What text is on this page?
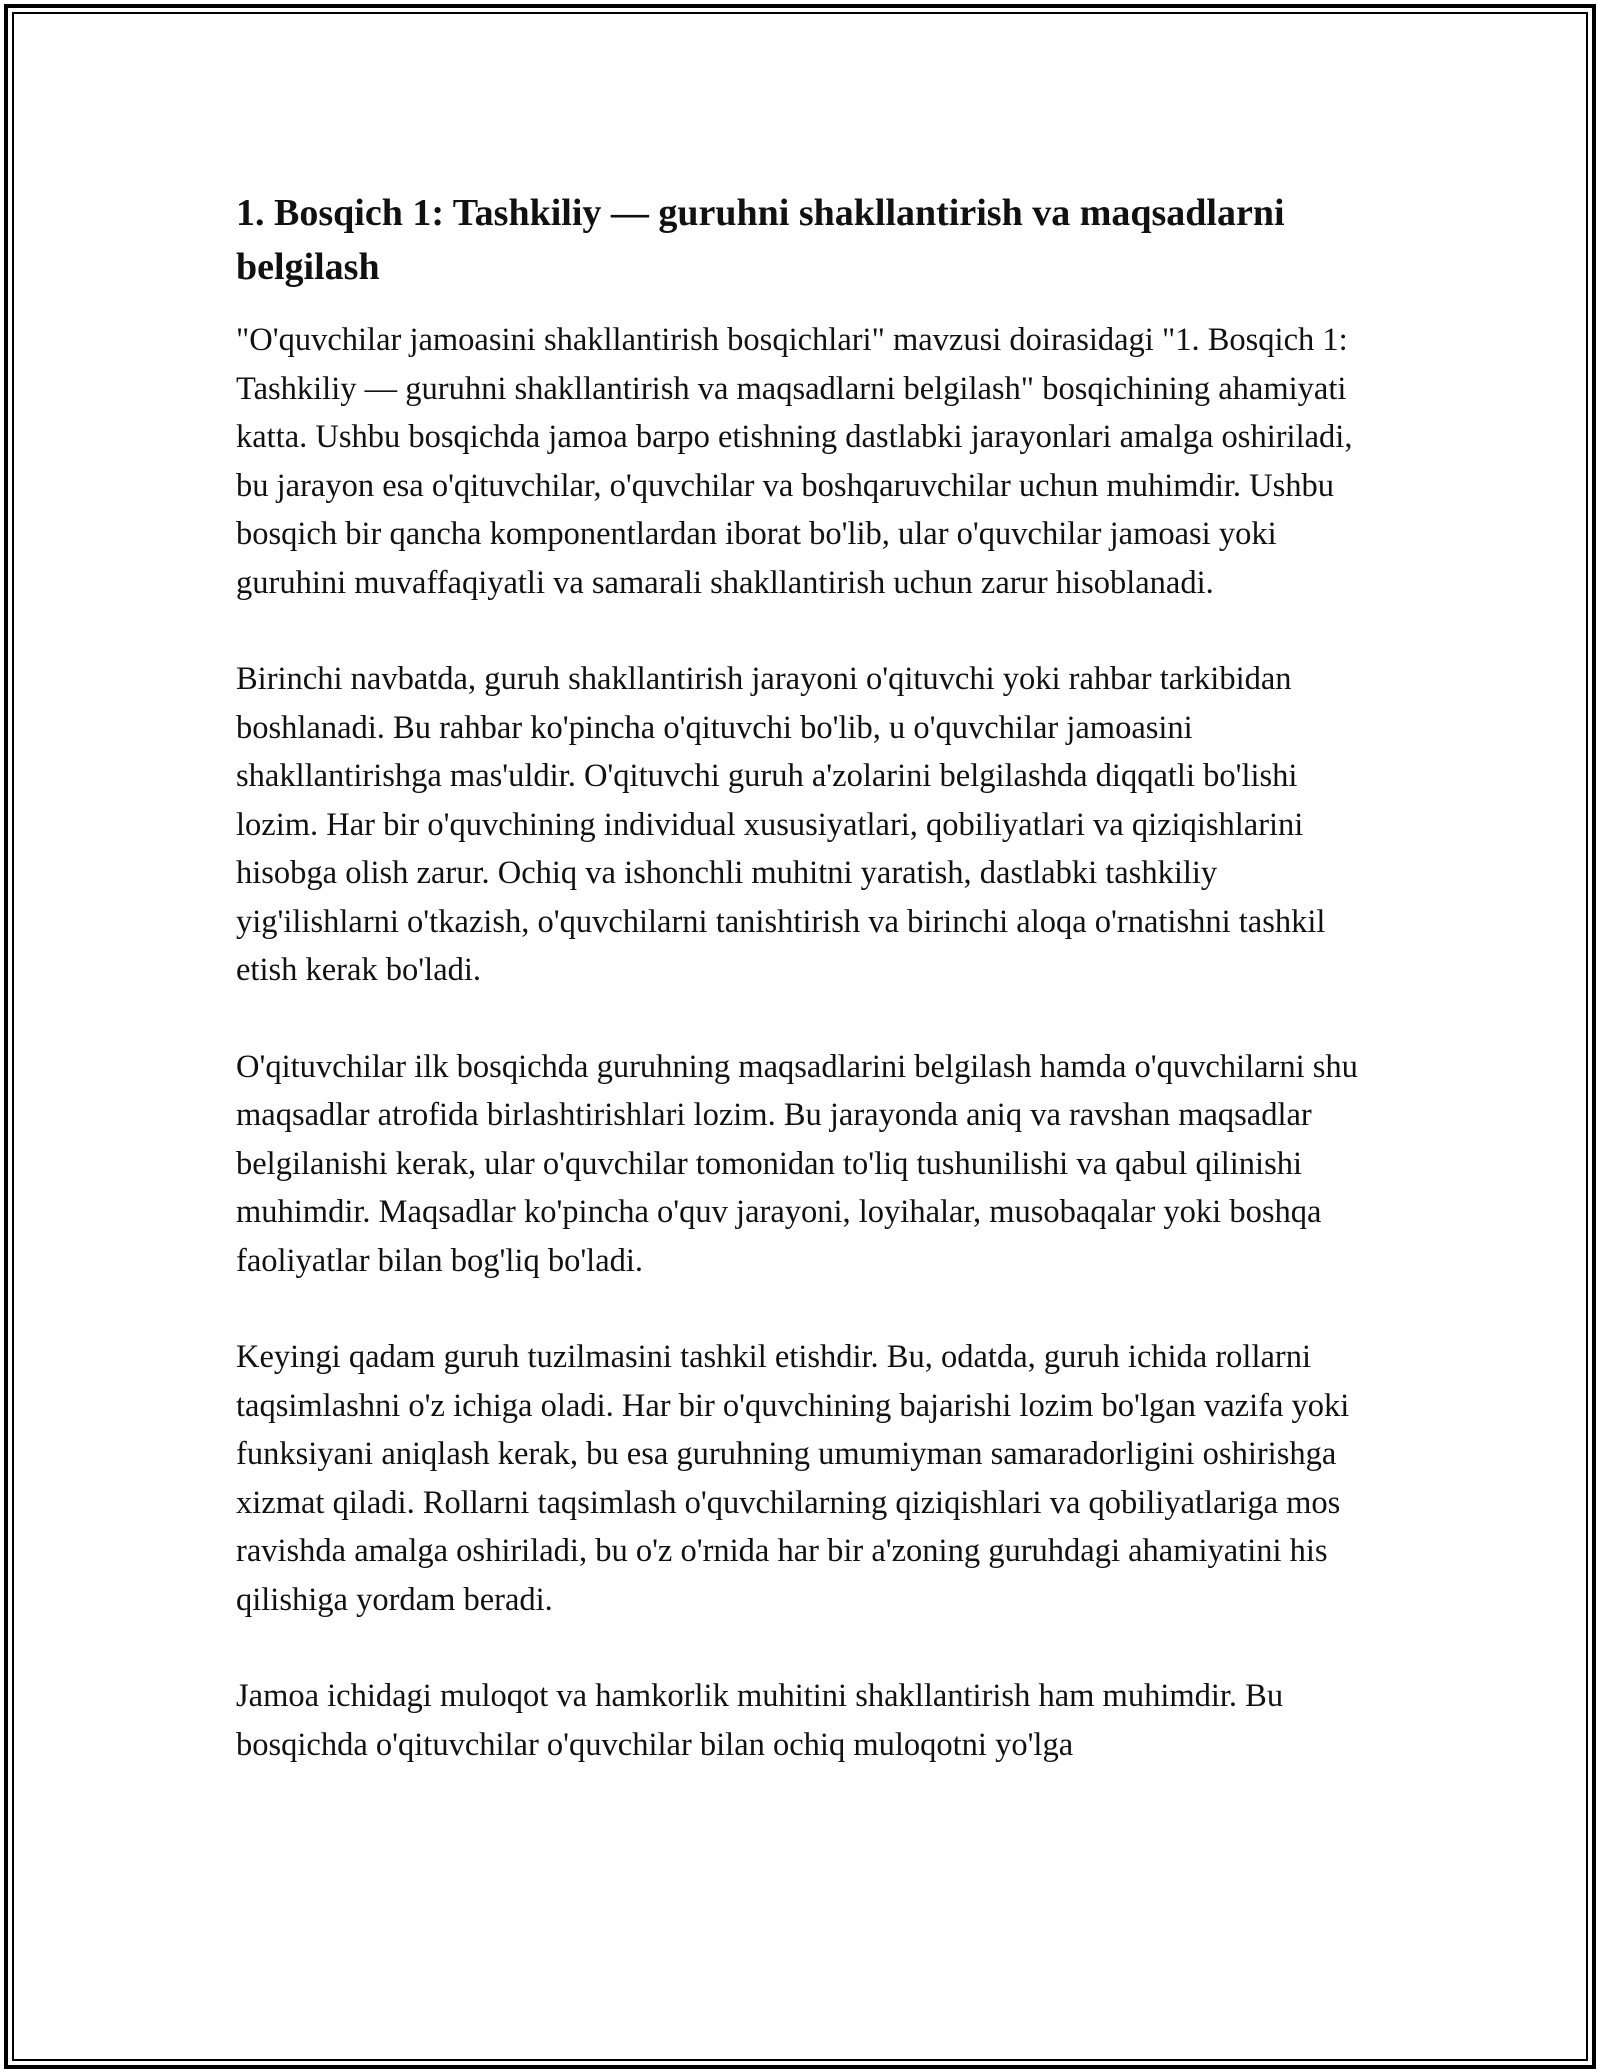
1. Bosqich 1: Tashkiliy — guruhni shakllantirish va maqsadlarni belgilash

"O'quvchilar jamoasini shakllantirish bosqichlari" mavzusi doirasidagi "1. Bosqich 1: Tashkiliy — guruhni shakllantirish va maqsadlarni belgilash" bosqichining ahamiyati katta. Ushbu bosqichda jamoa barpo etishning dastlabki jarayonlari amalga oshiriladi, bu jarayon esa o'qituvchilar, o'quvchilar va boshqaruvchilar uchun muhimdir. Ushbu bosqich bir qancha komponentlardan iborat bo'lib, ular o'quvchilar jamoasi yoki guruhini muvaffaqiyatli va samarali shakllantirish uchun zarur hisoblanadi.

Birinchi navbatda, guruh shakllantirish jarayoni o'qituvchi yoki rahbar tarkibidan boshlanadi. Bu rahbar ko'pincha o'qituvchi bo'lib, u o'quvchilar jamoasini shakllantirishga mas'uldir. O'qituvchi guruh a'zolarini belgilashda diqqatli bo'lishi lozim. Har bir o'quvchining individual xususiyatlari, qobiliyatlari va qiziqishlarini hisobga olish zarur. Ochiq va ishonchli muhitni yaratish, dastlabki tashkiliy yig'ilishlarni o'tkazish, o'quvchilarni tanishtirish va birinchi aloqa o'rnatishni tashkil etish kerak bo'ladi.

O'qituvchilar ilk bosqichda guruhning maqsadlarini belgilash hamda o'quvchilarni shu maqsadlar atrofida birlashtirishlari lozim. Bu jarayonda aniq va ravshan maqsadlar belgilanishi kerak, ular o'quvchilar tomonidan to'liq tushunilishi va qabul qilinishi muhimdir. Maqsadlar ko'pincha o'quv jarayoni, loyihalar, musobaqalar yoki boshqa faoliyatlar bilan bog'liq bo'ladi.

Keyingi qadam guruh tuzilmasini tashkil etishdir. Bu, odatda, guruh ichida rollarni taqsimlashni o'z ichiga oladi. Har bir o'quvchining bajarishi lozim bo'lgan vazifa yoki funksiyani aniqlash kerak, bu esa guruhning umumiyman samaradorligini oshirishga xizmat qiladi. Rollarni taqsimlash o'quvchilarning qiziqishlari va qobiliyatlariga mos ravishda amalga oshiriladi, bu o'z o'rnida har bir a'zoning guruhdagi ahamiyatini his qilishiga yordam beradi.

Jamoa ichidagi muloqot va hamkorlik muhitini shakllantirish ham muhimdir. Bu bosqichda o'qituvchilar o'quvchilar bilan ochiq muloqotni yo'lga
